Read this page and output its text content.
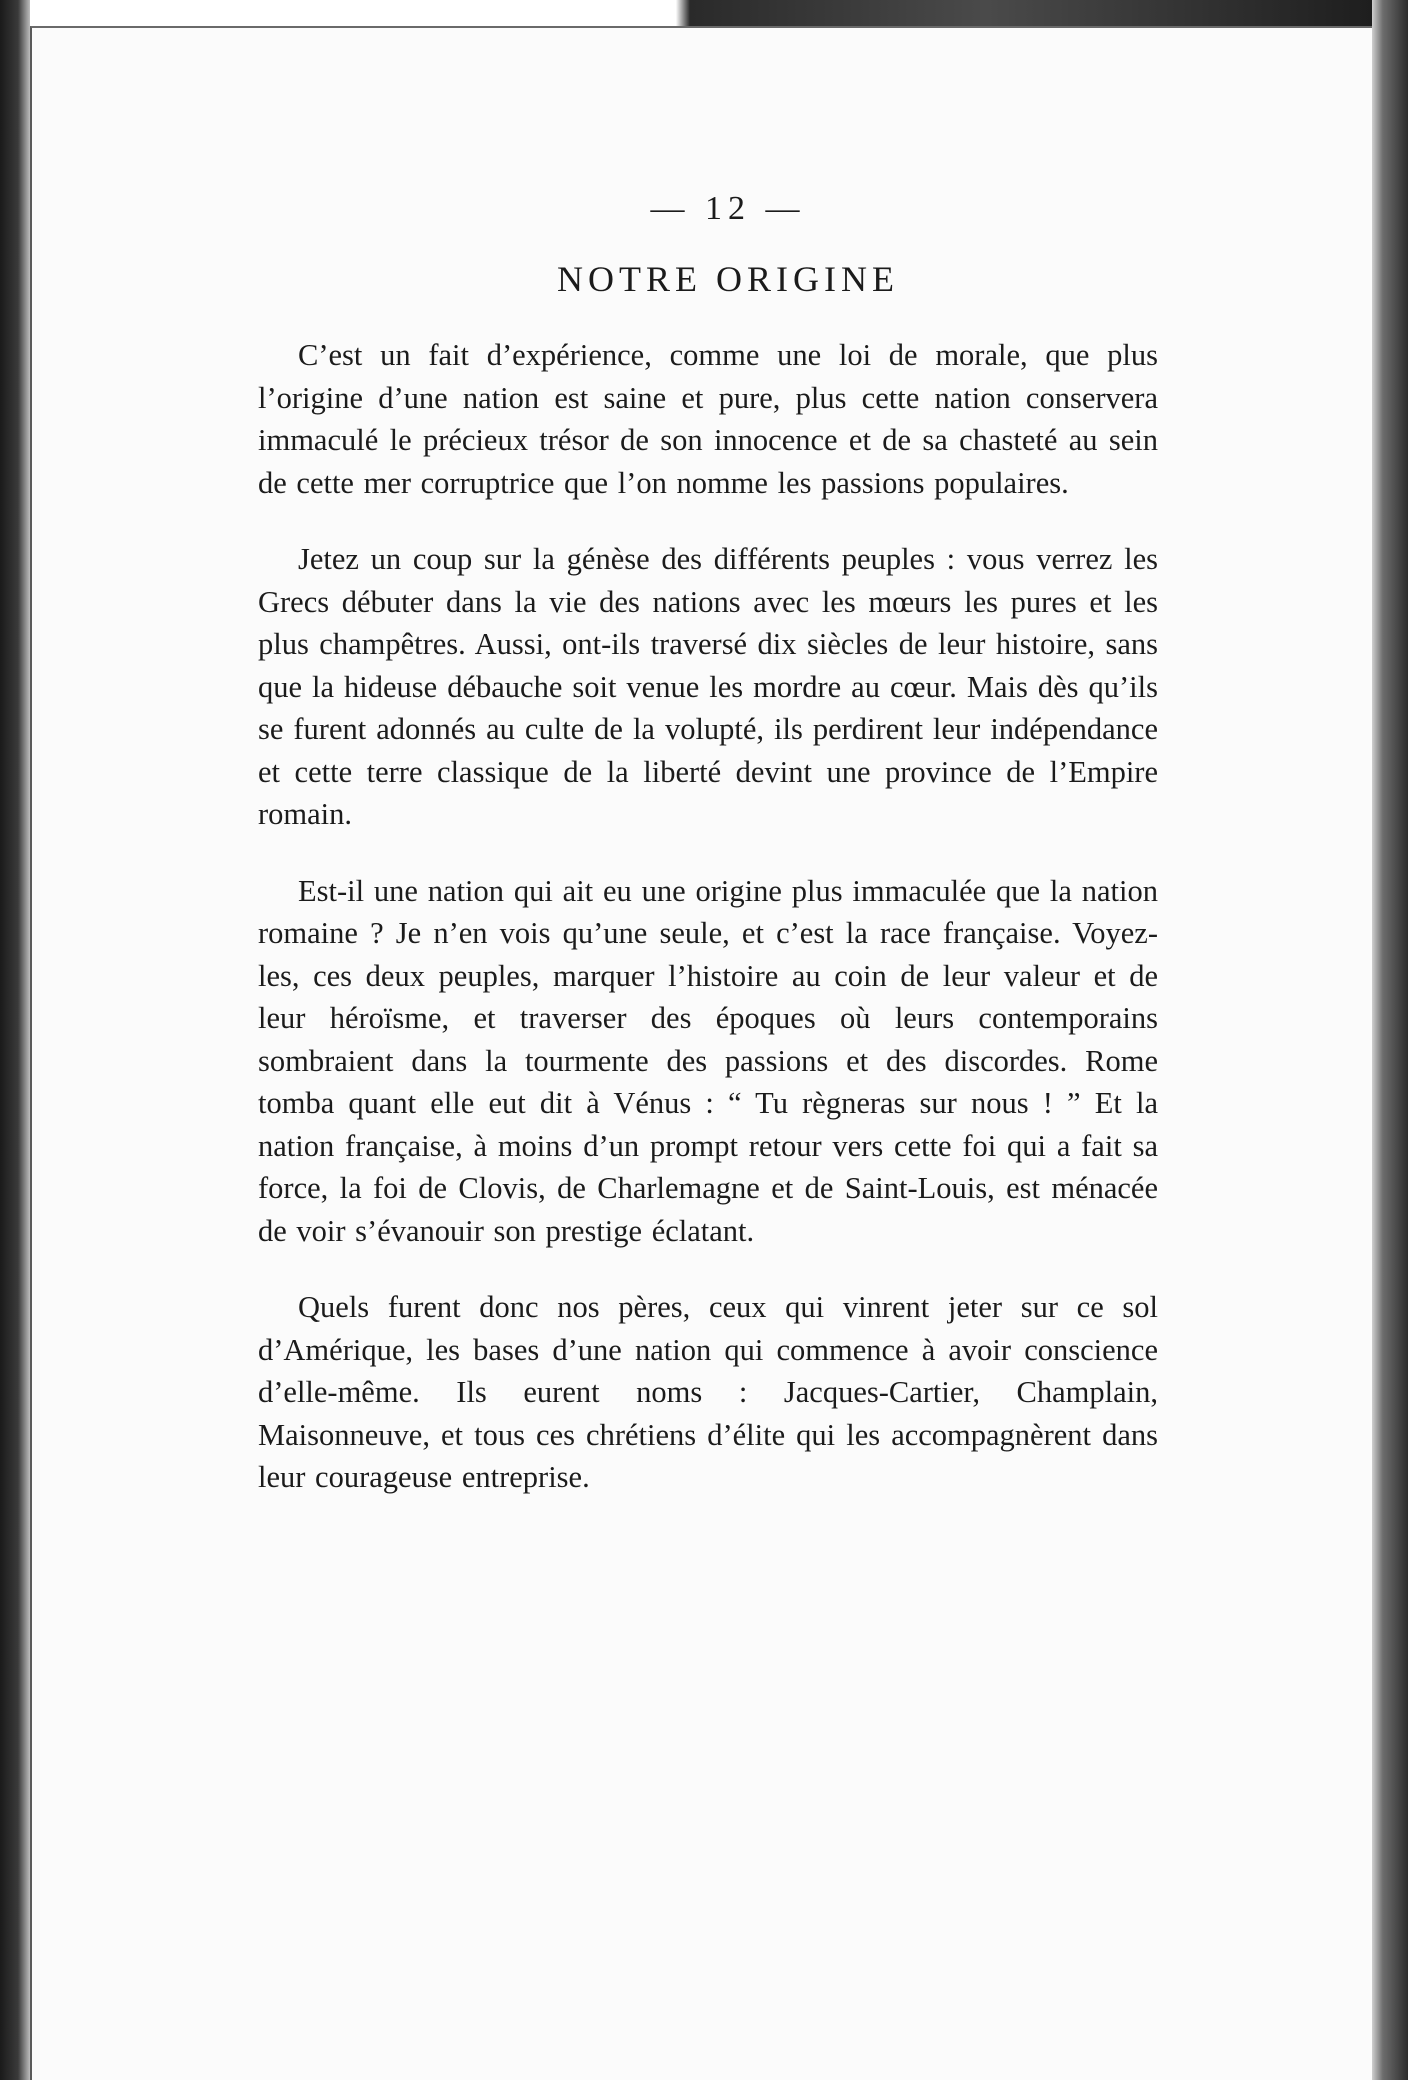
— 12 —
NOTRE ORIGINE

C’est un fait d’expérience, comme une loi de morale, que plus l’origine d’une nation est saine et pure, plus cette nation conservera immaculé le précieux trésor de son innocence et de sa chasteté au sein de cette mer corruptrice que l’on nomme les passions populaires.

Jetez un coup sur la génèse des différents peuples : vous verrez les Grecs débuter dans la vie des nations avec les mœurs les pures et les plus champêtres. Aussi, ont-ils traversé dix siècles de leur histoire, sans que la hideuse débauche soit venue les mordre au cœur. Mais dès qu’ils se furent adonnés au culte de la volupté, ils perdirent leur indépendance et cette terre classique de la liberté devint une province de l’Empire romain.

Est-il une nation qui ait eu une origine plus immaculée que la nation romaine ? Je n’en vois qu’une seule, et c’est la race française. Voyez-les, ces deux peuples, marquer l’histoire au coin de leur valeur et de leur héroïsme, et traverser des époques où leurs contemporains sombraient dans la tourmente des passions et des discordes. Rome tomba quant elle eut dit à Vénus : “ Tu règneras sur nous ! ” Et la nation française, à moins d’un prompt retour vers cette foi qui a fait sa force, la foi de Clovis, de Charlemagne et de Saint-Louis, est ménacée de voir s’évanouir son prestige éclatant.

Quels furent donc nos pères, ceux qui vinrent jeter sur ce sol d’Amérique, les bases d’une nation qui commence à avoir conscience d’elle-même. Ils eurent noms : Jacques-Cartier, Champlain, Maisonneuve, et tous ces chrétiens d’élite qui les accompagnèrent dans leur courageuse entreprise.
